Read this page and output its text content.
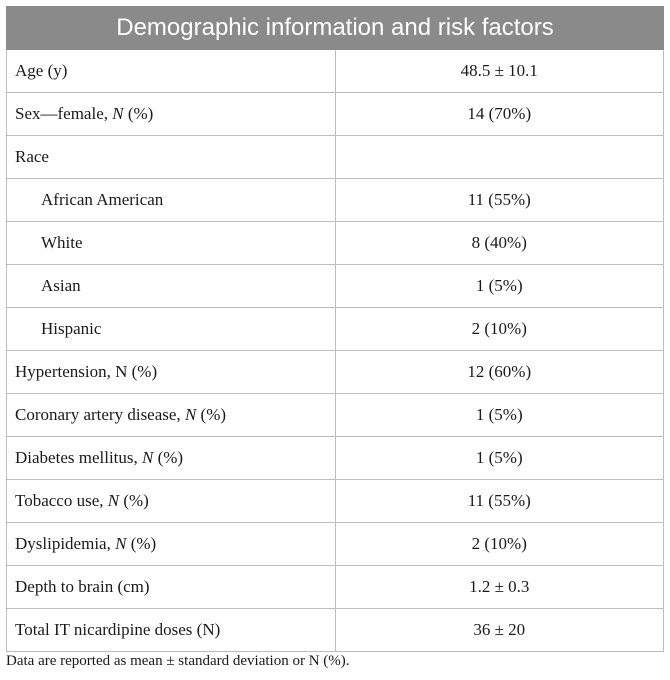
Demographic information and risk factors	
Age (y)	48.5 ± 10.1
Sex—female, N (%)	14 (70%)
Race	
African American	11 (55%)
White	8 (40%)
Asian	1 (5%)
Hispanic	2 (10%)
Hypertension, N (%)	12 (60%)
Coronary artery disease, N (%)	1 (5%)
Diabetes mellitus, N (%)	1 (5%)
Tobacco use, N (%)	11 (55%)
Dyslipidemia, N (%)	2 (10%)
Depth to brain (cm)	1.2 ± 0.3
Total IT nicardipine doses (N)	36 ± 20
Data are reported as mean ± standard deviation or N (%).
